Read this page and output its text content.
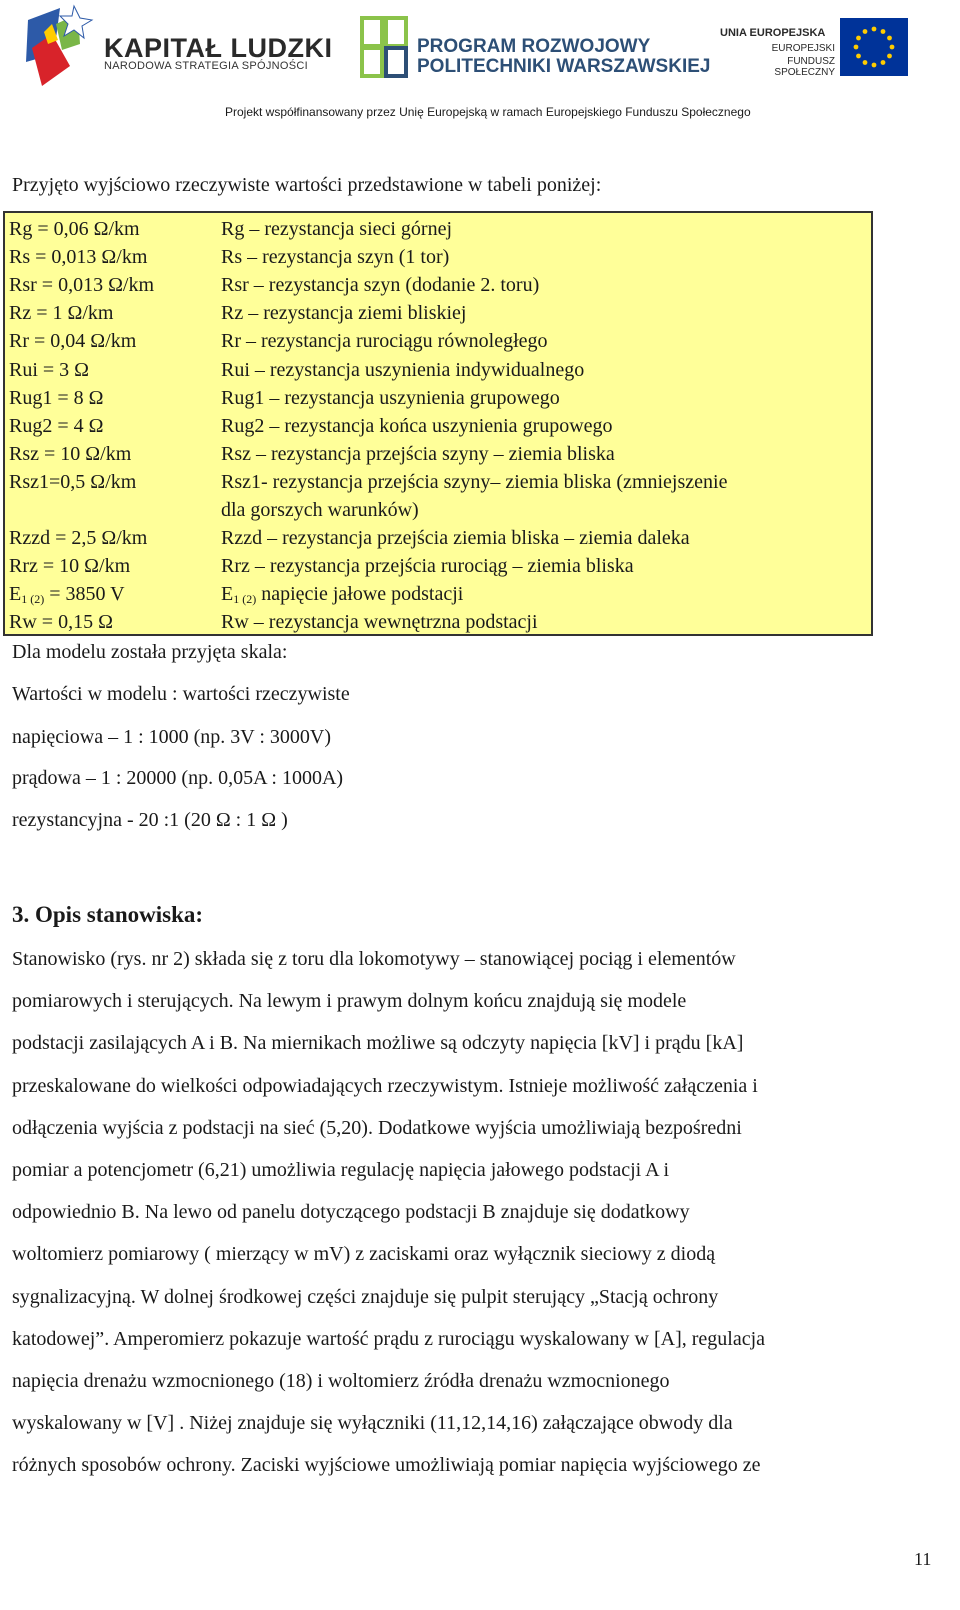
KAPITAŁ LUDZKI
NARODOWA STRATEGIA SPÓJNOŚCI
PROGRAM ROZWOJOWY
POLITECHNIKI WARSZAWSKIEJ
UNIA EUROPEJSKA
EUROPEJSKI
FUNDUSZ SPOŁECZNY
Projekt współfinansowany przez Unię Europejską w ramach Europejskiego Funduszu Społecznego
Przyjęto wyjściowo rzeczywiste wartości przedstawione w tabeli poniżej:
Rg = 0,06 Ω/km	Rg – rezystancja sieci górnej
Rs = 0,013 Ω/km	Rs – rezystancja szyn (1 tor)
Rsr = 0,013 Ω/km	Rsr – rezystancja szyn (dodanie 2. toru)
Rz = 1 Ω/km	Rz – rezystancja ziemi bliskiej
Rr = 0,04 Ω/km	Rr – rezystancja rurociągu równoległego
Rui = 3 Ω	Rui – rezystancja uszynienia indywidualnego
Rug1 = 8 Ω	Rug1 – rezystancja uszynienia grupowego
Rug2 = 4 Ω	Rug2 – rezystancja końca uszynienia grupowego
Rsz = 10 Ω/km	Rsz – rezystancja przejścia szyny – ziemia bliska
Rsz1=0,5 Ω/km	Rsz1- rezystancja przejścia szyny– ziemia bliska (zmniejszenie
dla gorszych warunków)
Rzzd = 2,5 Ω/km	Rzzd – rezystancja przejścia ziemia bliska – ziemia daleka
Rrz = 10 Ω/km	Rrz – rezystancja przejścia rurociąg – ziemia bliska
$E_{1 (2)} = 3850$ V	$E_{1 (2)}$ napięcie jałowe podstacji
Rw = 0,15 Ω	Rw – rezystancja wewnętrzna podstacji
Dla modelu została przyjęta skala:
Wartości w modelu : wartości rzeczywiste
napięciowa – 1 : 1000 (np. 3V : 3000V)
prądowa – 1 : 20000 (np. 0,05A : 1000A)
rezystancyjna - 20 :1 (20 Ω : 1 Ω )
3. Opis stanowiska:
Stanowisko (rys. nr 2) składa się z toru dla lokomotywy – stanowiącej pociąg i elementów
pomiarowych i sterujących. Na lewym i prawym dolnym końcu znajdują się modele
podstacji zasilających A i B. Na miernikach możliwe są odczyty napięcia [kV] i prądu [kA]
przeskalowane do wielkości odpowiadających rzeczywistym. Istnieje możliwość załączenia i
odłączenia wyjścia z podstacji na sieć (5,20). Dodatkowe wyjścia umożliwiają bezpośredni
pomiar a potencjometr (6,21) umożliwia regulację napięcia jałowego podstacji A i
odpowiednio B. Na lewo od panelu dotyczącego podstacji B znajduje się dodatkowy
woltomierz pomiarowy ( mierzący w mV) z zaciskami oraz wyłącznik sieciowy z diodą
sygnalizacyjną. W dolnej środkowej części znajduje się pulpit sterujący „Stacją ochrony
katodowej”. Amperomierz pokazuje wartość prądu z rurociągu wyskalowany w [A], regulacja
napięcia drenażu wzmocnionego (18) i woltomierz źródła drenażu wzmocnionego
wyskalowany w [V] . Niżej znajduje się wyłączniki (11,12,14,16) załączające obwody dla
różnych sposobów ochrony. Zaciski wyjściowe umożliwiają pomiar napięcia wyjściowego ze
11
